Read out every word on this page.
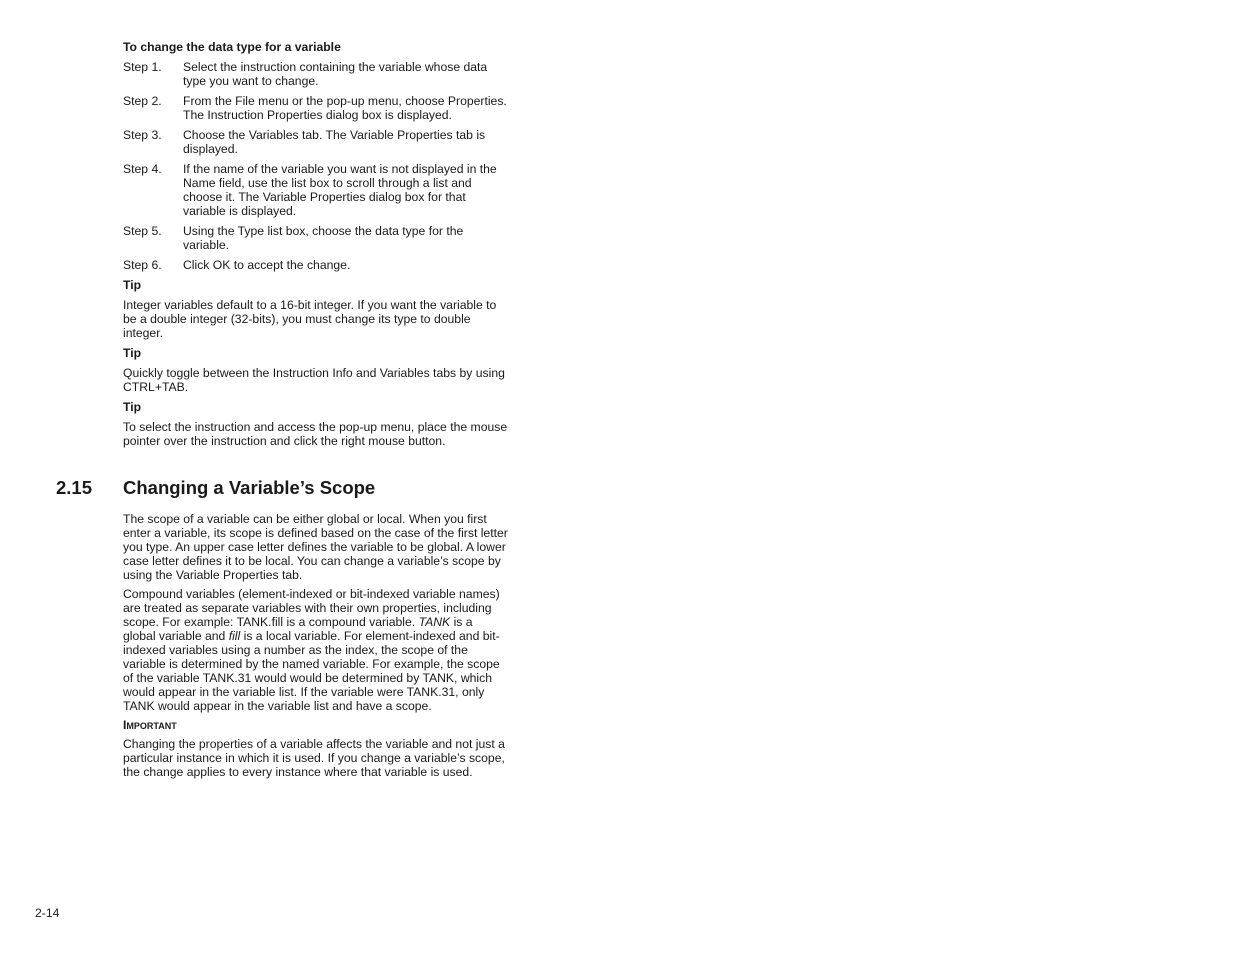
To change the data type for a variable
Step 1.	Select the instruction containing the variable whose data type you want to change.
Step 2.	From the File menu or the pop-up menu, choose Properties. The Instruction Properties dialog box is displayed.
Step 3.	Choose the Variables tab. The Variable Properties tab is displayed.
Step 4.	If the name of the variable you want is not displayed in the Name field, use the list box to scroll through a list and choose it. The Variable Properties dialog box for that variable is displayed.
Step 5.	Using the Type list box, choose the data type for the variable.
Step 6.	Click OK to accept the change.
Tip
Integer variables default to a 16-bit integer. If you want the variable to be a double integer (32-bits), you must change its type to double integer.
Tip
Quickly toggle between the Instruction Info and Variables tabs by using CTRL+TAB.
Tip
To select the instruction and access the pop-up menu, place the mouse pointer over the instruction and click the right mouse button.
2.15 Changing a Variable’s Scope
The scope of a variable can be either global or local. When you first enter a variable, its scope is defined based on the case of the first letter you type. An upper case letter defines the variable to be global. A lower case letter defines it to be local. You can change a variable’s scope by using the Variable Properties tab.
Compound variables (element-indexed or bit-indexed variable names) are treated as separate variables with their own properties, including scope. For example: TANK.fill is a compound variable. TANK is a global variable and fill is a local variable. For element-indexed and bit-indexed variables using a number as the index, the scope of the variable is determined by the named variable. For example, the scope of the variable TANK.31 would would be determined by TANK, which would appear in the variable list. If the variable were TANK.31, only TANK would appear in the variable list and have a scope.
Important
Changing the properties of a variable affects the variable and not just a particular instance in which it is used. If you change a variable’s scope, the change applies to every instance where that variable is used.
2-14
